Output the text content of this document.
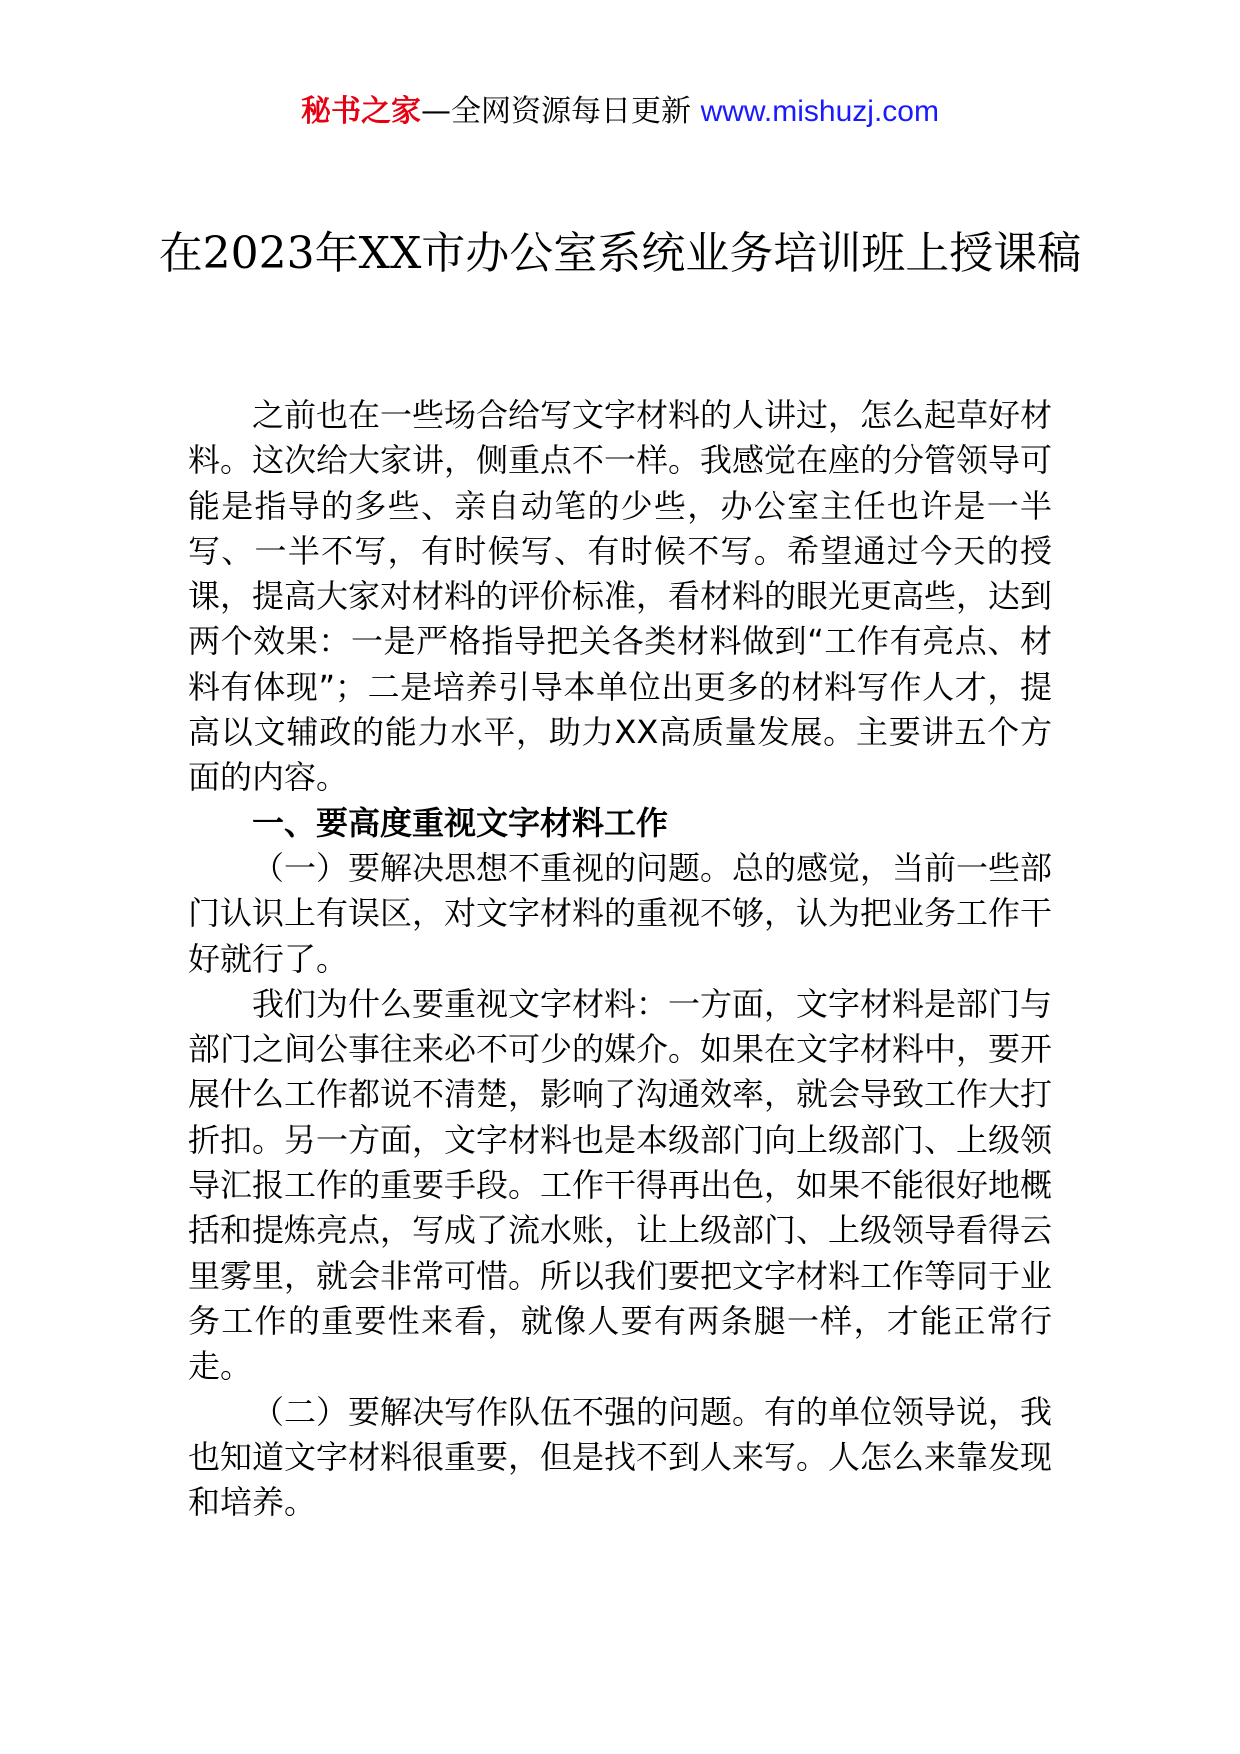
秘书之家—全网资源每日更新 www.mishuzj.com
在2023年XX市办公室系统业务培训班上授课稿

之前也在一些场合给写文字材料的人讲过，怎么起草好材料。这次给大家讲，侧重点不一样。我感觉在座的分管领导可能是指导的多些、亲自动笔的少些，办公室主任也许是一半写、一半不写，有时候写、有时候不写。希望通过今天的授课，提高大家对材料的评价标准，看材料的眼光更高些，达到两个效果：一是严格指导把关各类材料做到“工作有亮点、材料有体现”；二是培养引导本单位出更多的材料写作人才，提高以文辅政的能力水平，助力XX高质量发展。主要讲五个方面的内容。

一、要高度重视文字材料工作

（一）要解决思想不重视的问题。总的感觉，当前一些部门认识上有误区，对文字材料的重视不够，认为把业务工作干好就行了。

我们为什么要重视文字材料：一方面，文字材料是部门与部门之间公事往来必不可少的媒介。如果在文字材料中，要开展什么工作都说不清楚，影响了沟通效率，就会导致工作大打折扣。另一方面，文字材料也是本级部门向上级部门、上级领导汇报工作的重要手段。工作干得再出色，如果不能很好地概括和提炼亮点，写成了流水账，让上级部门、上级领导看得云里雾里，就会非常可惜。所以我们要把文字材料工作等同于业务工作的重要性来看，就像人要有两条腿一样，才能正常行走。

（二）要解决写作队伍不强的问题。有的单位领导说，我也知道文字材料很重要，但是找不到人来写。人怎么来靠发现和培养。
